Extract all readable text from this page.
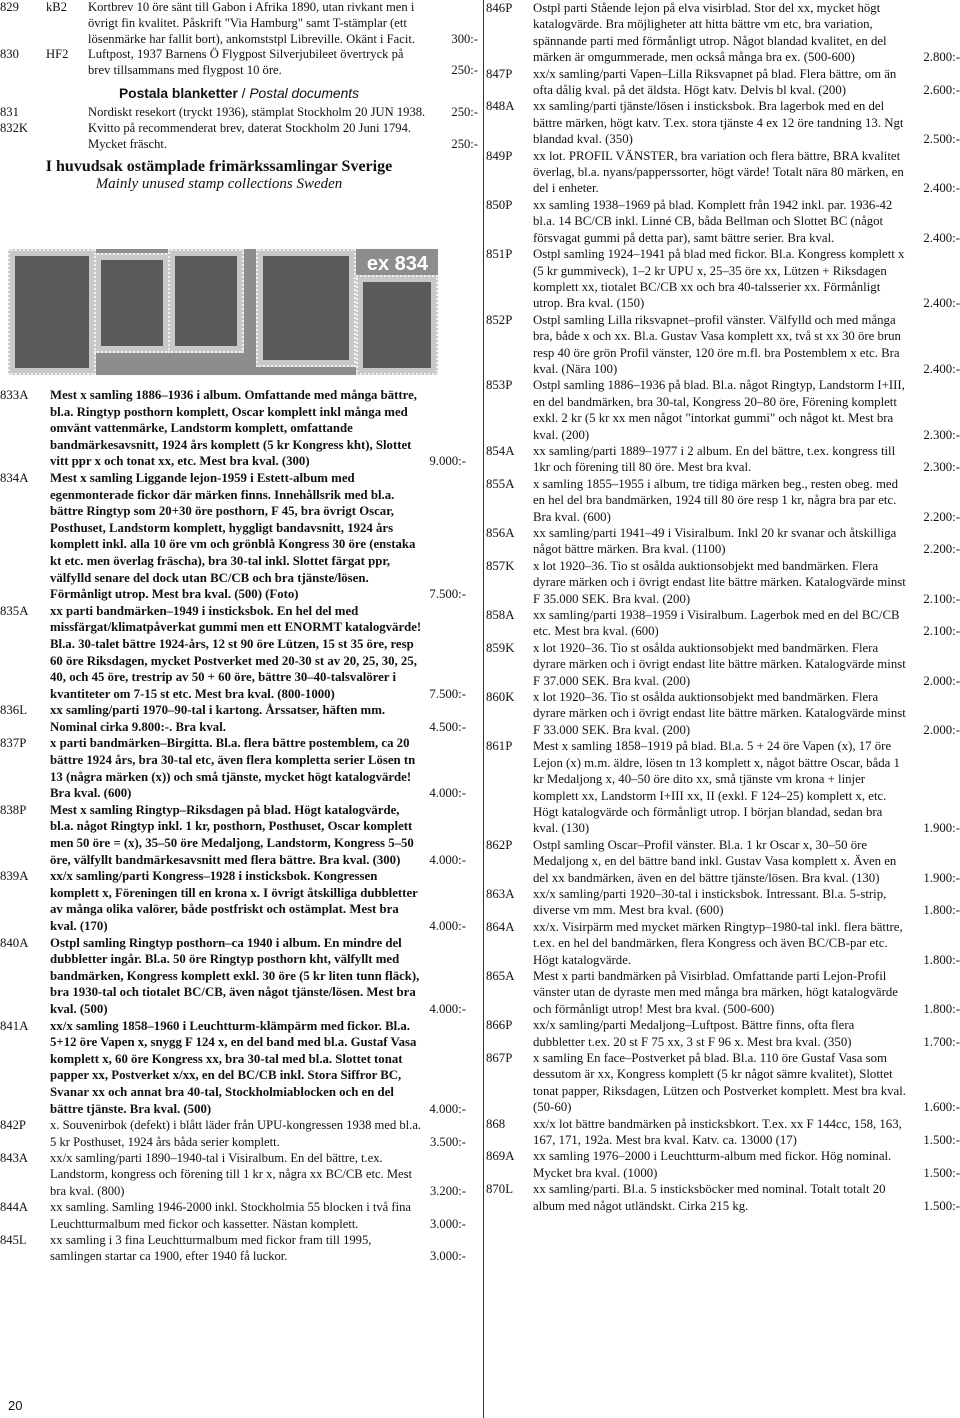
829 kB2 Kortbrev 10 öre sänt till Gabon i Afrika 1890, utan rivkant men i övrigt fin kvalitet. Påskrift "Via Hamburg" samt T-stämplar (ett lösenmärke har fallit bort), ankomststpl Libreville. Okänt i Facit.	300:-
830 HF2 Luftpost, 1937 Barnens Ö Flygpost Silverjubileet övertryck på brev tillsammans med flygpost 10 öre.	250:-
Postala blanketter / Postal documents
831	Nordiskt resekort (tryckt 1936), stämplat Stockholm 20 JUN 1938. 250:-
832K	Kvitto på recommenderat brev, daterat Stockholm 20 Juni 1794. Mycket fräscht.	250:-
I huvudsak ostämplade frimärkssamlingar Sverige
Mainly unused stamp collections Sweden
ex 834
833A Mest x samling 1886–1936 i album. Omfattande med många bättre, bl.a. Ringtyp posthorn komplett, Oscar komplett inkl många med omvänt vattenmärke, Landstorm komplett, omfattande bandmärkesavsnitt, 1924 års komplett (5 kr Kongress kht), Slottet vitt ppr x och tonat xx, etc. Mest bra kval. (300)	9.000:-
834A Mest x samling Liggande lejon-1959 i Estett-album med egenmonterade fickor där märken finns. Innehållsrik med bl.a. bättre Ringtyp som 20+30 öre posthorn, F 45, bra övrigt Oscar, Posthuset, Landstorm komplett, hyggligt bandavsnitt, 1924 års komplett inkl. alla 10 öre vm och grönblå Kongress 30 öre (enstaka kt etc. men överlag fräscha), bra 30-tal inkl. Slottet färgat ppr, välfylld senare del dock utan BC/CB och bra tjänste/lösen. Förmånligt utrop. Mest bra kval. (500) (Foto)	7.500:-
835A xx parti bandmärken–1949 i insticksbok. En hel del med missfärgat/klimatpåverkat gummi men ett ENORMT katalogvärde! Bl.a. 30-talet bättre 1924-års, 12 st 90 öre Lützen, 15 st 35 öre, resp 60 öre Riksdagen, mycket Postverket med 20-30 st av 20, 25, 30, 25, 40, och 45 öre, trestrip av 50 + 60 öre, bättre 30–40-talsvalörer i kvantiteter om 7-15 st etc. Mest bra kval. (800-1000)	7.500:-
836L xx samling/parti 1970–90-tal i kartong. Årssatser, häften mm. Nominal cirka 9.800:-. Bra kval.	4.500:-
837P x parti bandmärken–Birgitta. Bl.a. flera bättre postemblem, ca 20 bättre 1924 års, bra 30-tal etc, även flera kompletta serier Lösen tn 13 (några märken (x)) och små tjänste, mycket högt katalogvärde! Bra kval. (600)	4.000:-
838P Mest x samling Ringtyp–Riksdagen på blad. Högt katalogvärde, bl.a. något Ringtyp inkl. 1 kr, posthorn, Posthuset, Oscar komplett men 50 öre = (x), 35–50 öre Medaljong, Landstorm, Kongress 5–50 öre, välfyllt bandmärkesavsnitt med flera bättre. Bra kval. (300)	4.000:-
839A xx/x samling/parti Kongress–1928 i insticksbok. Kongressen komplett x, Föreningen till en krona x. I övrigt åtskilliga dubbletter av många olika valörer, både postfriskt och ostämplat. Mest bra kval. (170)	4.000:-
840A Ostpl samling Ringtyp posthorn–ca 1940 i album. En mindre del dubbletter ingår. Bl.a. 50 öre Ringtyp posthorn kht, välfyllt med bandmärken, Kongress komplett exkl. 30 öre (5 kr liten tunn fläck), bra 1930-tal och tiotalet BC/CB, även något tjänste/lösen. Mest bra kval. (500)	4.000:-
841A xx/x samling 1858–1960 i Leuchtturm-klämpärm med fickor. Bl.a. 5+12 öre Vapen x, snygg F 124 x, en del band med bl.a. Gustaf Vasa komplett x, 60 öre Kongress xx, bra 30-tal med bl.a. Slottet tonat papper xx, Postverket x/xx, en del BC/CB inkl. Stora Siffror BC, Svanar xx och annat bra 40-tal, Stockholmiablocken och en del bättre tjänste. Bra kval. (500)	4.000:-
842P x. Souvenirbok (defekt) i blått läder från UPU-kongressen 1938 med bl.a. 5 kr Posthuset, 1924 års båda serier komplett.	3.500:-
843A xx/x samling/parti 1890–1940-tal i Visiralbum. En del bättre, t.ex. Landstorm, kongress och förening till 1 kr x, några xx BC/CB etc. Mest bra kval. (800)	3.200:-
844A xx samling. Samling 1946-2000 inkl. Stockholmia 55 blocken i två fina Leuchtturmalbum med fickor och kassetter. Nästan komplett.	3.000:-
845L xx samling i 3 fina Leuchtturmalbum med fickor fram till 1995, samlingen startar ca 1900, efter 1940 få luckor.	3.000:-
846P Ostpl parti Stående lejon på elva visirblad. Stor del xx, mycket högt katalogvärde. Bra möjligheter att hitta bättre vm etc, bra variation, spännande parti med förmånligt utrop. Något blandad kvalitet, en del märken är omgummerade, men också många bra ex. (500-600)	2.800:-
847P xx/x samling/parti Vapen–Lilla Riksvapnet på blad. Flera bättre, om än ofta dålig kval. på det äldsta. Högt katv. Delvis bl kval. (200)	2.600:-
848A xx samling/parti tjänste/lösen i insticksbok. Bra lagerbok med en del bättre märken, högt katv. T.ex. stora tjänste 4 ex 12 öre tandning 13. Ngt blandad kval. (350)	2.500:-
849P xx lot. PROFIL VÄNSTER, bra variation och flera bättre, BRA kvalitet överlag, bl.a. nyans/papperssorter, högt värde! Totalt nära 80 märken, en del i enheter.	2.400:-
850P xx samling 1938–1969 på blad. Komplett från 1942 inkl. par. 1936-42 bl.a. 14 BC/CB inkl. Linné CB, båda Bellman och Slottet BC (något försvagat gummi på detta par), samt bättre serier. Bra kval.	2.400:-
851P Ostpl samling 1924–1941 på blad med fickor. Bl.a. Kongress komplett x (5 kr gummiveck), 1–2 kr UPU x, 25–35 öre xx, Lützen + Riksdagen komplett xx, tiotalet BC/CB xx och bra 40-talsserier xx. Förmånligt utrop. Bra kval. (150)	2.400:-
852P Ostpl samling Lilla riksvapnet–profil vänster. Välfylld och med många bra, både x och xx. Bl.a. Gustav Vasa komplett xx, två st xx 30 öre brun resp 40 öre grön Profil vänster, 120 öre m.fl. bra Postemblem x etc. Bra kval. (Nära 100)	2.400:-
853P Ostpl samling 1886–1936 på blad. Bl.a. något Ringtyp, Landstorm I+III, en del bandmärken, bra 30-tal, Kongress 20–80 öre, Förening komplett exkl. 2 kr (5 kr xx men något "intorkat gummi" och något kt. Mest bra kval. (200)	2.300:-
854A xx samling/parti 1889–1977 i 2 album. En del bättre, t.ex. kongress till 1kr och förening till 80 öre. Mest bra kval.	2.300:-
855A x samling 1855–1955 i album, tre tidiga märken beg., resten obeg. med en hel del bra bandmärken, 1924 till 80 öre resp 1 kr, några bra par etc. Bra kval. (600)	2.200:-
856A xx samling/parti 1941–49 i Visiralbum. Inkl 20 kr svanar och åtskilliga något bättre märken. Bra kval. (1100)	2.200:-
857K x lot 1920–36. Tio st osålda auktionsobjekt med bandmärken. Flera dyrare märken och i övrigt endast lite bättre märken. Katalogvärde minst F 35.000 SEK. Bra kval. (200)	2.100:-
858A xx samling/parti 1938–1959 i Visiralbum. Lagerbok med en del BC/CB etc. Mest bra kval. (600)	2.100:-
859K x lot 1920–36. Tio st osålda auktionsobjekt med bandmärken. Flera dyrare märken och i övrigt endast lite bättre märken. Katalogvärde minst F 37.000 SEK. Bra kval. (200)	2.000:-
860K x lot 1920–36. Tio st osålda auktionsobjekt med bandmärken. Flera dyrare märken och i övrigt endast lite bättre märken. Katalogvärde minst F 33.000 SEK. Bra kval. (200)	2.000:-
861P Mest x samling 1858–1919 på blad. Bl.a. 5 + 24 öre Vapen (x), 17 öre Lejon (x) m.m. äldre, lösen tn 13 komplett x, något bättre Oscar, båda 1 kr Medaljong x, 40–50 öre dito xx, små tjänste vm krona + linjer komplett xx, Landstorm I+III xx, II (exkl. F 124–25) komplett x, etc. Högt katalogvärde och förmånligt utrop. I början blandad, sedan bra kval. (130)	1.900:-
862P Ostpl samling Oscar–Profil vänster. Bl.a. 1 kr Oscar x, 30–50 öre Medaljong x, en del bättre band inkl. Gustav Vasa komplett x. Även en del xx bandmärken, även en del bättre tjänste/lösen. Bra kval. (130)	1.900:-
863A xx/x samling/parti 1920–30-tal i insticksbok. Intressant. Bl.a. 5-strip, diverse vm mm. Mest bra kval. (600)	1.800:-
864A xx/x. Visirpärm med mycket märken Ringtyp–1980-tal inkl. flera bättre, t.ex. en hel del bandmärken, flera Kongress och även BC/CB-par etc. Högt katalogvärde.	1.800:-
865A Mest x parti bandmärken på Visirblad. Omfattande parti Lejon-Profil vänster utan de dyraste men med många bra märken, högt katalogvärde och förmånligt utrop! Mest bra kval. (500-600)	1.800:-
866P xx/x samling/parti Medaljong–Luftpost. Bättre finns, ofta flera dubbletter t.ex. 20 st F 75 xx, 3 st F 96 x. Mest bra kval. (350)	1.700:-
867P x samling En face–Postverket på blad. Bl.a. 110 öre Gustaf Vasa som dessutom är xx, Kongress komplett (5 kr något sämre kvalitet), Slottet tonat papper, Riksdagen, Lützen och Postverket komplett. Mest bra kval. (50-60)	1.600:-
868 xx/x lot bättre bandmärken på insticksbkort. T.ex. xx F 144cc, 158, 163, 167, 171, 192a. Mest bra kval. Katv. ca. 13000 (17)	1.500:-
869A xx samling 1976–2000 i Leuchtturm-album med fickor. Hög nominal. Mycket bra kval. (1000)	1.500:-
870L xx samling/parti. Bl.a. 5 insticksböcker med nominal. Totalt totalt 20 album med något utländskt. Cirka 215 kg.	1.500:-
20
